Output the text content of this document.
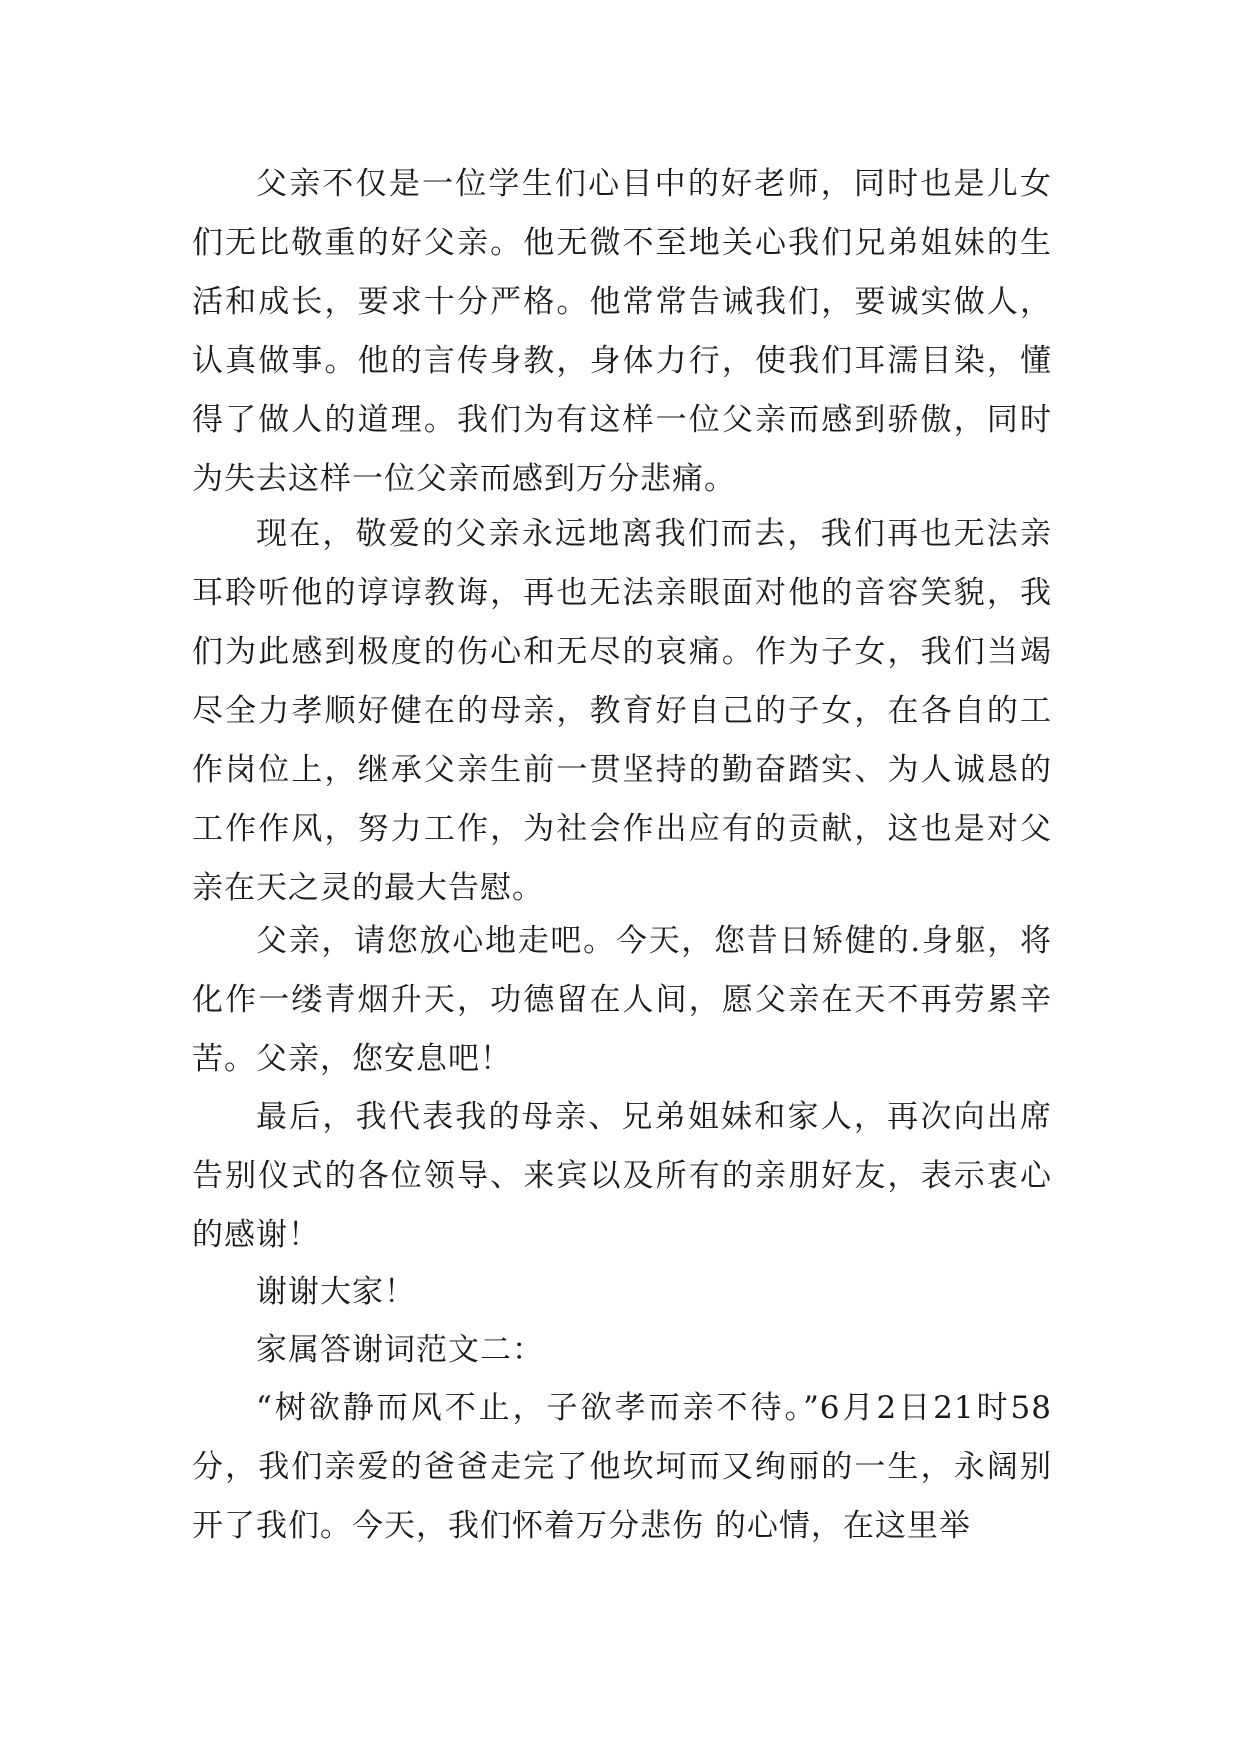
父亲不仅是一位学生们心目中的好老师，同时也是儿女们无比敬重的好父亲。他无微不至地关心我们兄弟姐妹的生活和成长，要求十分严格。他常常告诫我们，要诚实做人，认真做事。他的言传身教，身体力行，使我们耳濡目染，懂得了做人的道理。我们为有这样一位父亲而感到骄傲，同时为失去这样一位父亲而感到万分悲痛。

现在，敬爱的父亲永远地离我们而去，我们再也无法亲耳聆听他的谆谆教诲，再也无法亲眼面对他的音容笑貌，我们为此感到极度的伤心和无尽的哀痛。作为子女，我们当竭尽全力孝顺好健在的母亲，教育好自己的子女，在各自的工作岗位上，继承父亲生前一贯坚持的勤奋踏实、为人诚恳的工作作风，努力工作，为社会作出应有的贡献，这也是对父亲在天之灵的最大告慰。

父亲，请您放心地走吧。今天，您昔日矫健的.身躯，将化作一缕青烟升天，功德留在人间，愿父亲在天不再劳累辛苦。父亲，您安息吧！

最后，我代表我的母亲、兄弟姐妹和家人，再次向出席告别仪式的各位领导、来宾以及所有的亲朋好友，表示衷心的感谢！

谢谢大家！

家属答谢词范文二：

“树欲静而风不止，子欲孝而亲不待。”6月2日21时58分，我们亲爱的爸爸走完了他坎坷而又绚丽的一生，永阔别开了我们。今天，我们怀着万分悲伤 的心情，在这里举
